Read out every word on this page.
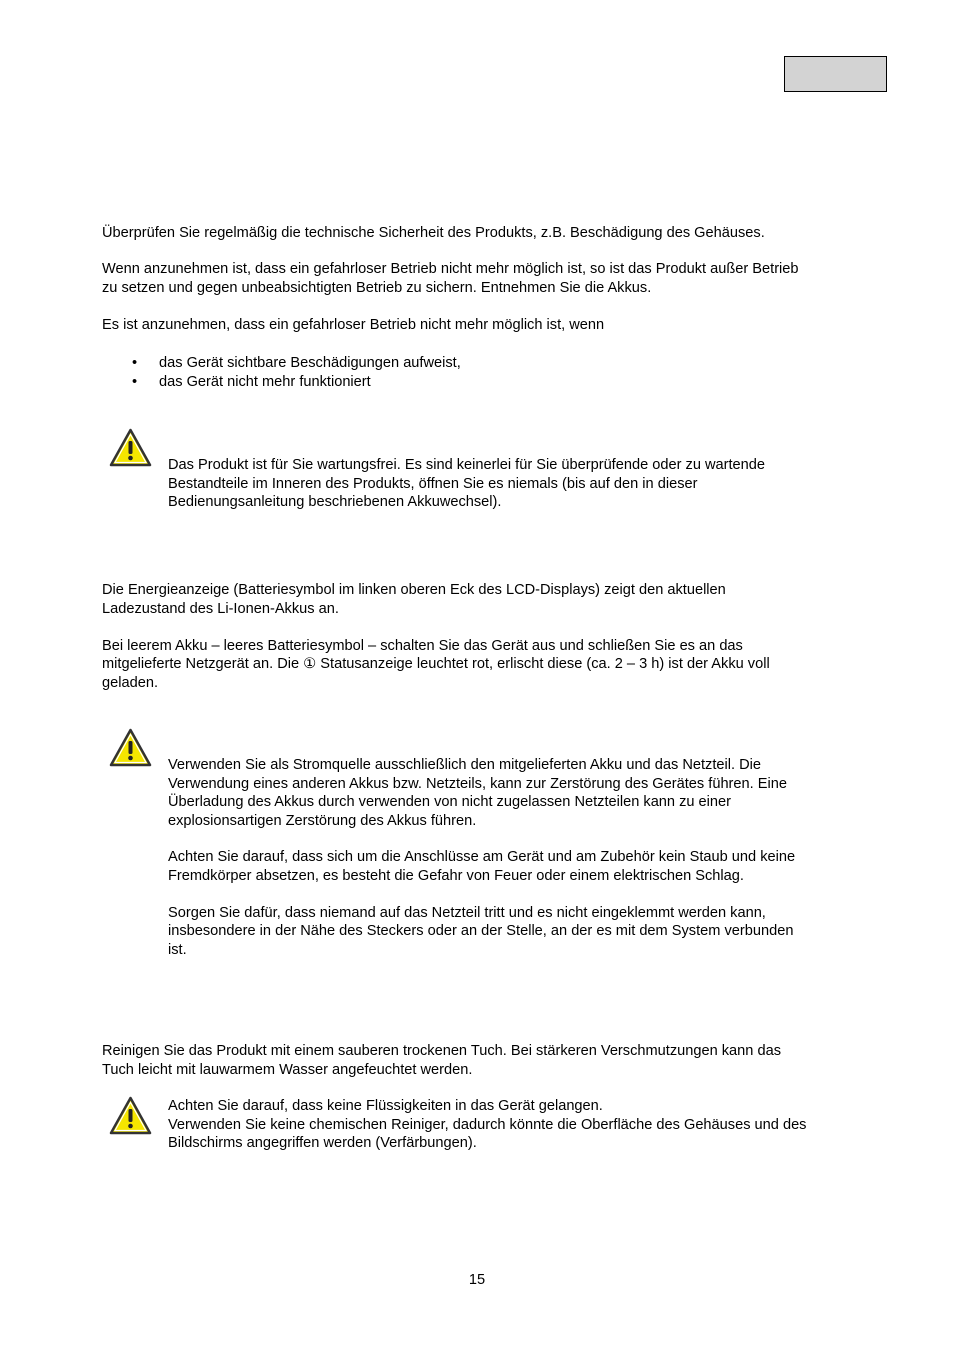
Überprüfen Sie regelmäßig die technische Sicherheit des Produkts, z.B. Beschädigung des Gehäuses.

Wenn anzunehmen ist, dass ein gefahrloser Betrieb nicht mehr möglich ist, so ist das Produkt außer Betrieb

zu setzen und gegen unbeabsichtigten Betrieb zu sichern. Entnehmen Sie die Akkus.

Es ist anzunehmen, dass ein gefahrloser Betrieb nicht mehr möglich ist, wenn

• das Gerät sichtbare Beschädigungen aufweist,
• das Gerät nicht mehr funktioniert

Das Produkt ist für Sie wartungsfrei. Es sind keinerlei für Sie überprüfende oder zu wartende

Bestandteile im Inneren des Produkts, öffnen Sie es niemals (bis auf den in dieser

Bedienungsanleitung beschriebenen Akkuwechsel).

Die Energieanzeige (Batteriesymbol im linken oberen Eck des LCD-Displays) zeigt den aktuellen

Ladezustand des Li-Ionen-Akkus an.

Bei leerem Akku – leeres Batteriesymbol – schalten Sie das Gerät aus und schließen Sie es an das

mitgelieferte Netzgerät an. Die ① Statusanzeige leuchtet rot, erlischt diese (ca. 2 – 3 h) ist der Akku voll

geladen.

Verwenden Sie als Stromquelle ausschließlich den mitgelieferten Akku und das Netzteil. Die

Verwendung eines anderen Akkus bzw. Netzteils, kann zur Zerstörung des Gerätes führen. Eine

Überladung des Akkus durch verwenden von nicht zugelassen Netzteilen kann zu einer

explosionsartigen Zerstörung des Akkus führen.

Achten Sie darauf, dass sich um die Anschlüsse am Gerät und am Zubehör kein Staub und keine

Fremdkörper absetzen, es besteht die Gefahr von Feuer oder einem elektrischen Schlag.

Sorgen Sie dafür, dass niemand auf das Netzteil tritt und es nicht eingeklemmt werden kann,

insbesondere in der Nähe des Steckers oder an der Stelle, an der es mit dem System verbunden

ist.

Reinigen Sie das Produkt mit einem sauberen trockenen Tuch. Bei stärkeren Verschmutzungen kann das

Tuch leicht mit lauwarmem Wasser angefeuchtet werden.

Achten Sie darauf, dass keine Flüssigkeiten in das Gerät gelangen.

Verwenden Sie keine chemischen Reiniger, dadurch könnte die Oberfläche des Gehäuses und des

Bildschirms angegriffen werden (Verfärbungen).

15
